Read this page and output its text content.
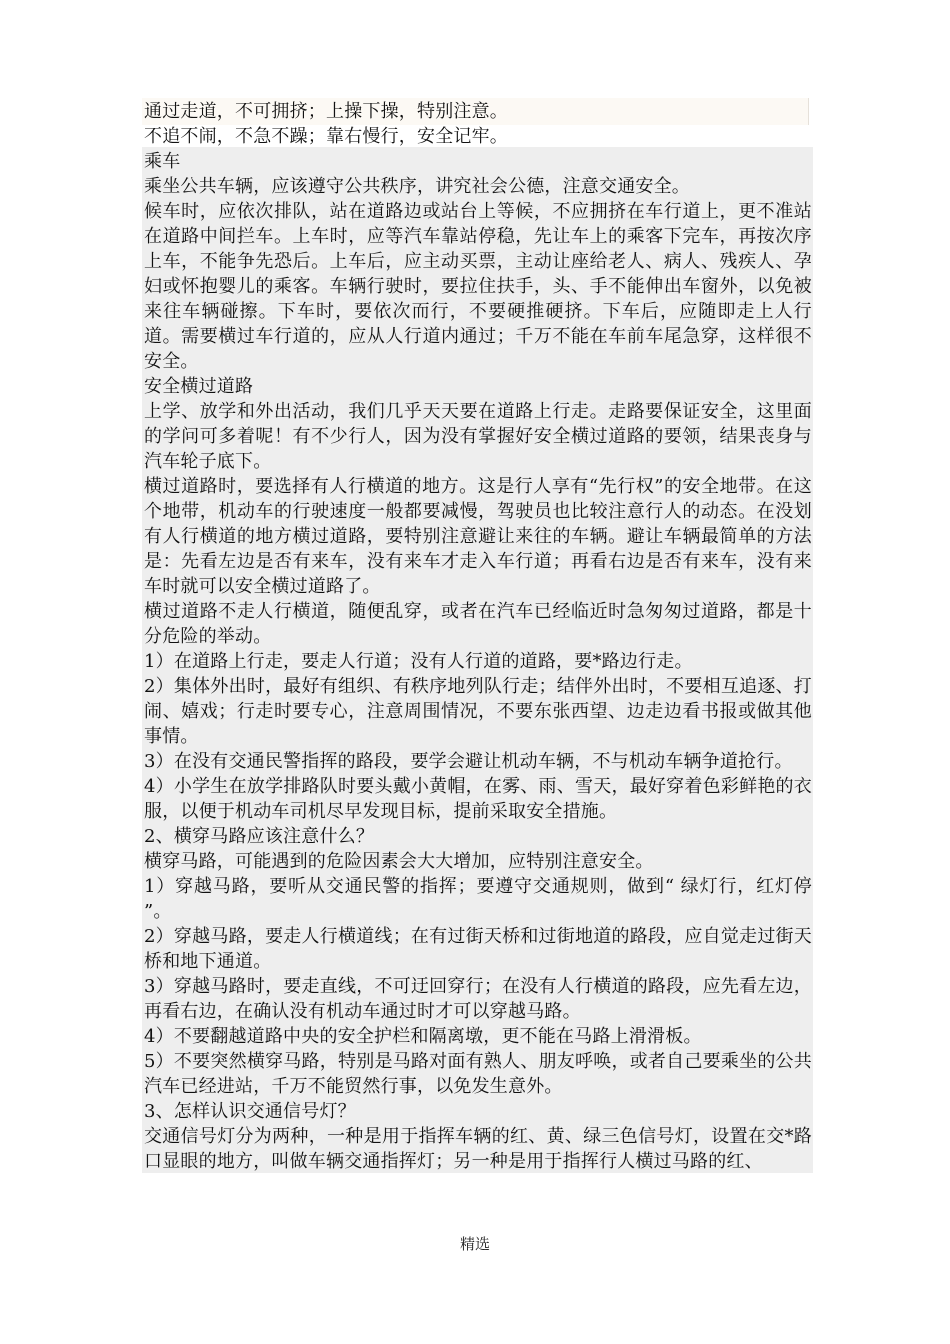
通过走道，不可拥挤；上操下操，特别注意。

不追不闹，不急不躁；靠右慢行，安全记牢。

乘车

乘坐公共车辆，应该遵守公共秩序，讲究社会公德，注意交通安全。

候车时，应依次排队，站在道路边或站台上等候，不应拥挤在车行道上，更不准站在道路中间拦车。上车时，应等汽车靠站停稳，先让车上的乘客下完车，再按次序上车，不能争先恐后。上车后，应主动买票，主动让座给老人、病人、残疾人、孕妇或怀抱婴儿的乘客。车辆行驶时，要拉住扶手，头、手不能伸出车窗外，以免被来往车辆碰擦。下车时，要依次而行，不要硬推硬挤。下车后，应随即走上人行道。需要横过车行道的，应从人行道内通过；千万不能在车前车尾急穿，这样很不安全。

安全横过道路

上学、放学和外出活动，我们几乎天天要在道路上行走。走路要保证安全，这里面的学问可多着呢！有不少行人，因为没有掌握好安全横过道路的要领，结果丧身与汽车轮子底下。

横过道路时，要选择有人行横道的地方。这是行人享有“先行权”的安全地带。在这个地带，机动车的行驶速度一般都要减慢，驾驶员也比较注意行人的动态。在没划有人行横道的地方横过道路，要特别注意避让来往的车辆。避让车辆最简单的方法是：先看左边是否有来车，没有来车才走入车行道；再看右边是否有来车，没有来车时就可以安全横过道路了。

横过道路不走人行横道，随便乱穿，或者在汽车已经临近时急匆匆过道路，都是十分危险的举动。

1）在道路上行走，要走人行道；没有人行道的道路，要*路边行走。

2）集体外出时，最好有组织、有秩序地列队行走；结伴外出时，不要相互追逐、打闹、嬉戏；行走时要专心，注意周围情况，不要东张西望、边走边看书报或做其他事情。

3）在没有交通民警指挥的路段，要学会避让机动车辆，不与机动车辆争道抢行。

4）小学生在放学排路队时要头戴小黄帽，在雾、雨、雪天，最好穿着色彩鲜艳的衣服，以便于机动车司机尽早发现目标，提前采取安全措施。

2、横穿马路应该注意什么？

横穿马路，可能遇到的危险因素会大大增加，应特别注意安全。

1）穿越马路，要听从交通民警的指挥；要遵守交通规则，做到“ 绿灯行，红灯停 ”。

2）穿越马路，要走人行横道线；在有过街天桥和过街地道的路段，应自觉走过街天桥和地下通道。

3）穿越马路时，要走直线，不可迂回穿行；在没有人行横道的路段，应先看左边，再看右边，在确认没有机动车通过时才可以穿越马路。

4）不要翻越道路中央的安全护栏和隔离墩，更不能在马路上滑滑板。

5）不要突然横穿马路，特别是马路对面有熟人、朋友呼唤，或者自己要乘坐的公共汽车已经进站，千万不能贸然行事，以免发生意外。

3、怎样认识交通信号灯？

交通信号灯分为两种，一种是用于指挥车辆的红、黄、绿三色信号灯，设置在交*路口显眼的地方，叫做车辆交通指挥灯；另一种是用于指挥行人横过马路的红、

精选
